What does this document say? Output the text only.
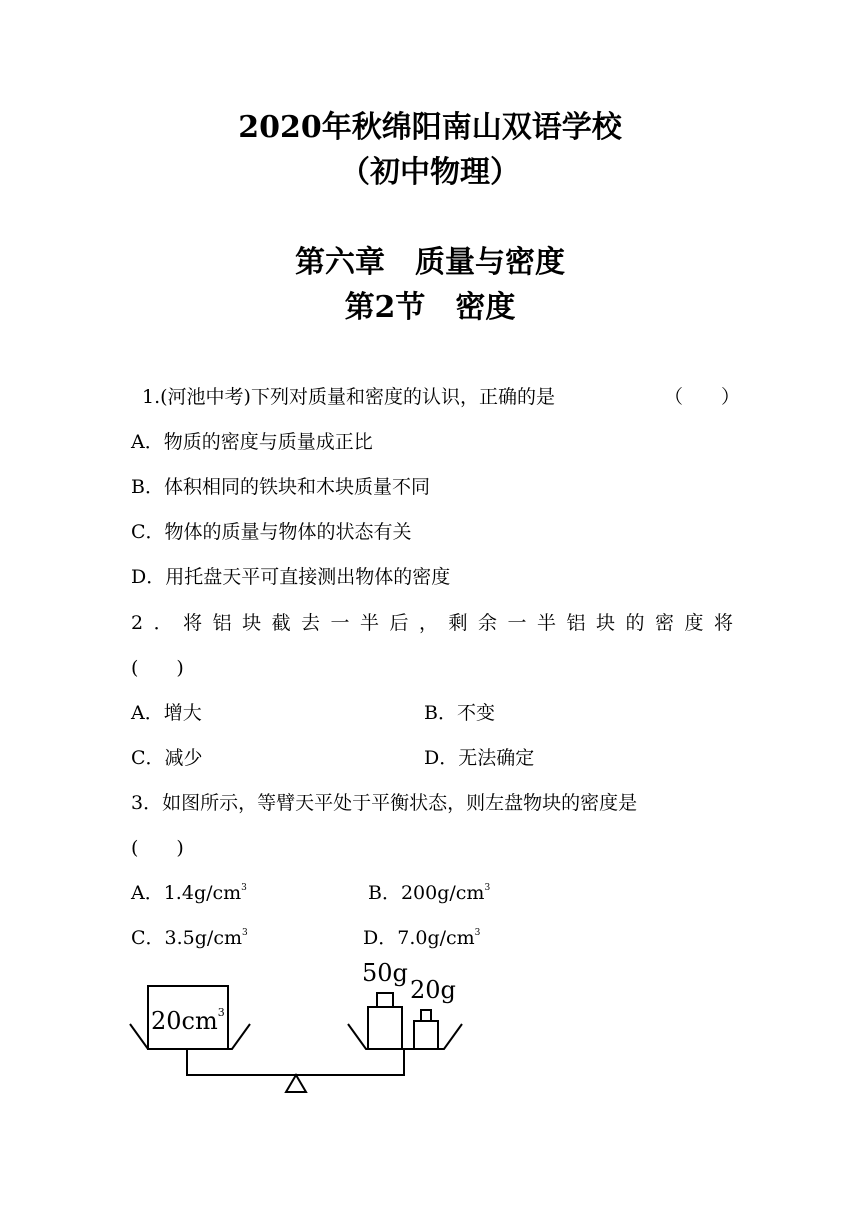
2020年秋绵阳南山双语学校
（初中物理）
第六章　质量与密度
第2节　密度
1.(河池中考)下列对质量和密度的认识，正确的是	（　　）
A．物质的密度与质量成正比
B．体积相同的铁块和木块质量不同
C．物体的质量与物体的状态有关
D．用托盘天平可直接测出物体的密度
2．将铝块截去一半后，剩余一半铝块的密度将
(　　)
A．增大	B．不变
C．减少	D．无法确定
3．如图所示，等臂天平处于平衡状态，则左盘物块的密度是
(　　)
A．$1.4g/cm^3$	B．$200g/cm^3$
C．$3.5g/cm^3$	D．$7.0g/cm^3$
$20cm^3$
50g
20g
